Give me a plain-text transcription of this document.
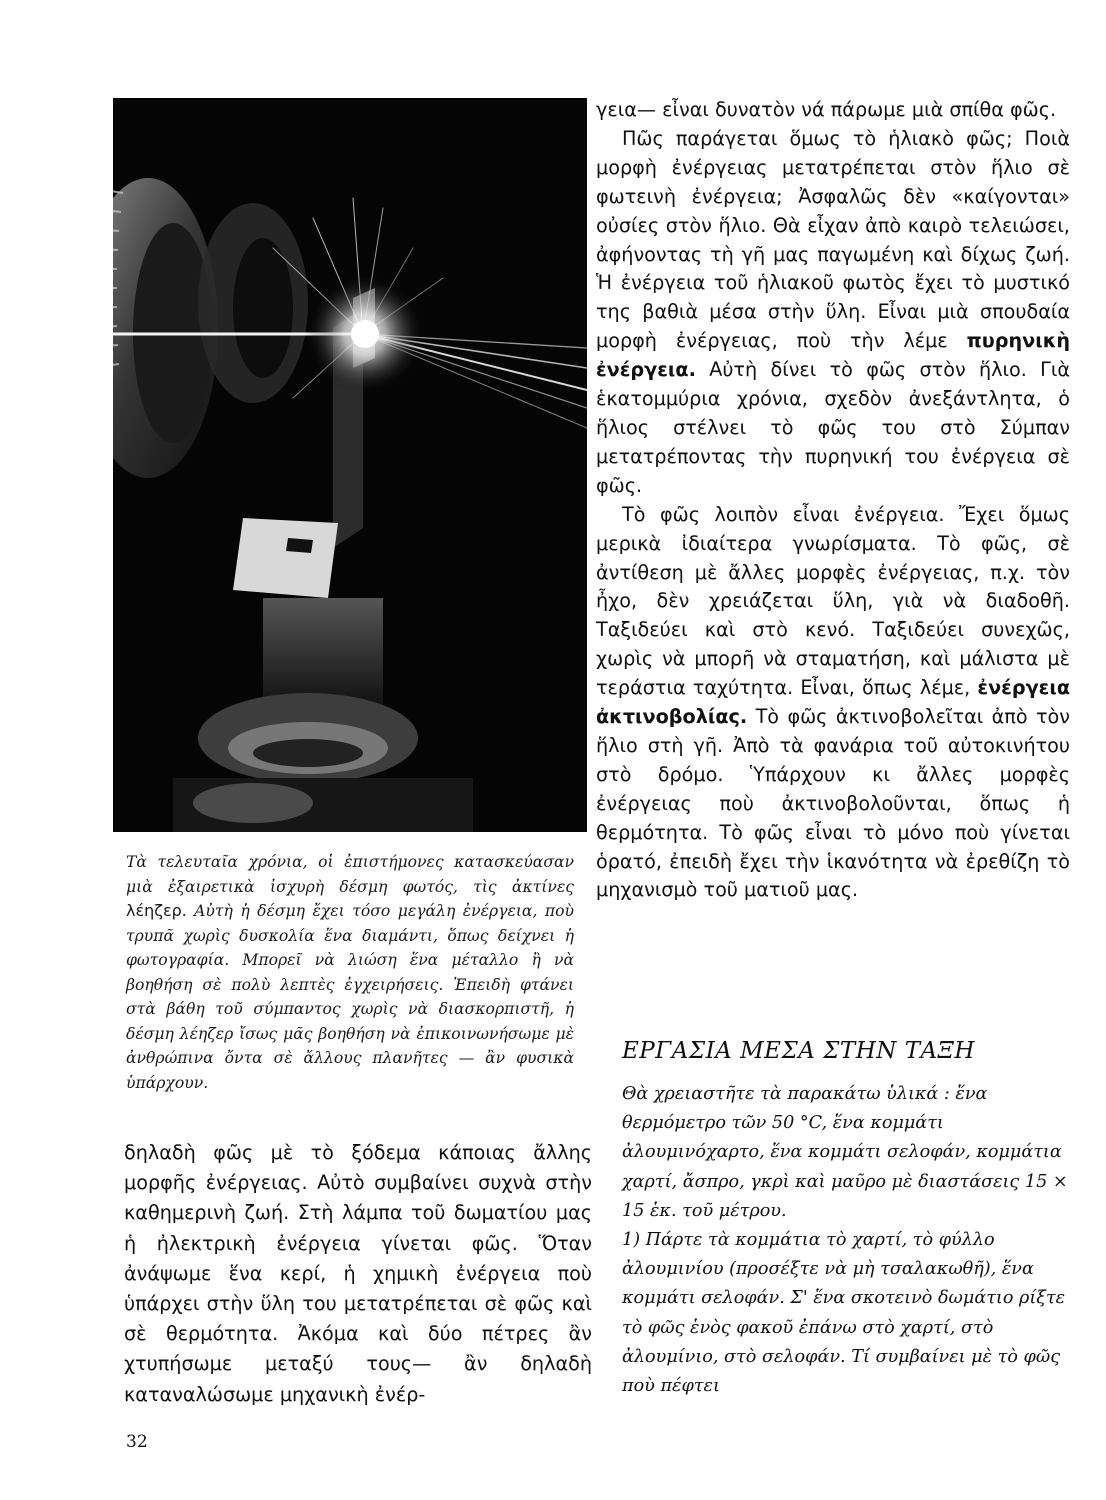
Τὰ τελευταῖα χρόνια, οἱ ἐπιστήμονες κατασκεύασαν μιὰ ἐξαιρετικὰ ἰσχυρὴ δέσμη φωτός, τὶς ἀκτίνες λέηζερ. Αὐτὴ ἡ δέσμη ἔχει τόσο μεγάλη ἐνέργεια, ποὺ τρυπᾶ χωρὶς δυσκολία ἕνα διαμάντι, ὅπως δείχνει ἡ φωτογραφία. Μπορεῖ νὰ λιώση ἕνα μέταλλο ἢ νὰ βοηθήση σὲ πολὺ λεπτὲς ἐγχειρήσεις. Ἐπειδὴ φτάνει στὰ βάθη τοῦ σύμπαντος χωρὶς νὰ διασκορπιστῆ, ἡ δέσμη λέηζερ ἴσως μᾶς βοηθήση νὰ ἐπικοινωνήσωμε μὲ ἀνθρώπινα ὄντα σὲ ἄλλους πλανῆτες — ἂν φυσικὰ ὑπάρχουν.

δηλαδὴ φῶς μὲ τὸ ξόδεμα κάποιας ἄλλης μορφῆς ἐνέργειας. Αὐτὸ συμβαίνει συχνὰ στὴν καθημερινὴ ζωή. Στὴ λάμπα τοῦ δωματίου μας ἡ ἠλεκτρικὴ ἐνέργεια γίνεται φῶς. Ὅταν ἀνάψωμε ἕνα κερί, ἡ χημικὴ ἐνέργεια ποὺ ὑπάρχει στὴν ὕλη του μετατρέπεται σὲ φῶς καὶ σὲ θερμότητα. Ἀκόμα καὶ δύο πέτρες ἂν χτυπήσωμε μεταξύ τους— ἂν δηλαδὴ καταναλώσωμε μηχανικὴ ἐνέρ-

γεια— εἶναι δυνατὸν νά πάρωμε μιὰ σπίθα φῶς.

Πῶς παράγεται ὅμως τὸ ἡλιακὸ φῶς; Ποιὰ μορφὴ ἐνέργειας μετατρέπεται στὸν ἥλιο σὲ φωτεινὴ ἐνέργεια; Ἀσφαλῶς δὲν «καίγονται» οὐσίες στὸν ἥλιο. Θὰ εἶχαν ἀπὸ καιρὸ τελειώσει, ἀφήνοντας τὴ γῆ μας παγωμένη καὶ δίχως ζωή. Ἡ ἐνέργεια τοῦ ἡλιακοῦ φωτὸς ἔχει τὸ μυστικό της βαθιὰ μέσα στὴν ὕλη. Εἶναι μιὰ σπουδαία μορφὴ ἐνέργειας, ποὺ τὴν λέμε πυρηνικὴ ἐνέργεια. Αὐτὴ δίνει τὸ φῶς στὸν ἥλιο. Γιὰ ἑκατομμύρια χρόνια, σχεδὸν ἀνεξάντλητα, ὁ ἥλιος στέλνει τὸ φῶς του στὸ Σύμπαν μετατρέποντας τὴν πυρηνική του ἐνέργεια σὲ φῶς.

Τὸ φῶς λοιπὸν εἶναι ἐνέργεια. Ἔχει ὅμως μερικὰ ἰδιαίτερα γνωρίσματα. Τὸ φῶς, σὲ ἀντίθεση μὲ ἄλλες μορφὲς ἐνέργειας, π.χ. τὸν ἦχο, δὲν χρειάζεται ὕλη, γιὰ νὰ διαδοθῆ. Ταξιδεύει καὶ στὸ κενό. Ταξιδεύει συνεχῶς, χωρὶς νὰ μπορῆ νὰ σταματήση, καὶ μάλιστα μὲ τεράστια ταχύτητα. Εἶναι, ὅπως λέμε, ἐνέργεια ἀκτινοβολίας. Τὸ φῶς ἀκτινοβολεῖται ἀπὸ τὸν ἥλιο στὴ γῆ. Ἀπὸ τὰ φανάρια τοῦ αὐτοκινήτου στὸ δρόμο. Ὑπάρχουν κι ἄλλες μορφὲς ἐνέργειας ποὺ ἀκτινοβολοῦνται, ὅπως ἡ θερμότητα. Τὸ φῶς εἶναι τὸ μόνο ποὺ γίνεται ὁρατό, ἐπειδὴ ἔχει τὴν ἱκανότητα νὰ ἐρεθίζη τὸ μηχανισμὸ τοῦ ματιοῦ μας.

ΕΡΓΑΣΙΑ ΜΕΣΑ ΣΤΗΝ ΤΑΞΗ

Θὰ χρειαστῆτε τὰ παρακάτω ὑλικά : ἕνα θερμόμετρο τῶν 50 °C, ἕνα κομμάτι ἀλουμινόχαρτο, ἕνα κομμάτι σελοφάν, κομμάτια χαρτί, ἄσπρο, γκρὶ καὶ μαῦρο μὲ διαστάσεις 15 × 15 ἑκ. τοῦ μέτρου.

1) Πάρτε τὰ κομμάτια τὸ χαρτί, τὸ φύλλο ἀλουμινίου (προσέξτε νὰ μὴ τσαλακωθῆ), ἕνα κομμάτι σελοφάν. Σ' ἕνα σκοτεινὸ δωμάτιο ρίξτε τὸ φῶς ἑνὸς φακοῦ ἐπάνω στὸ χαρτί, στὸ ἀλουμίνιο, στὸ σελοφάν. Τί συμβαίνει μὲ τὸ φῶς ποὺ πέφτει

32
